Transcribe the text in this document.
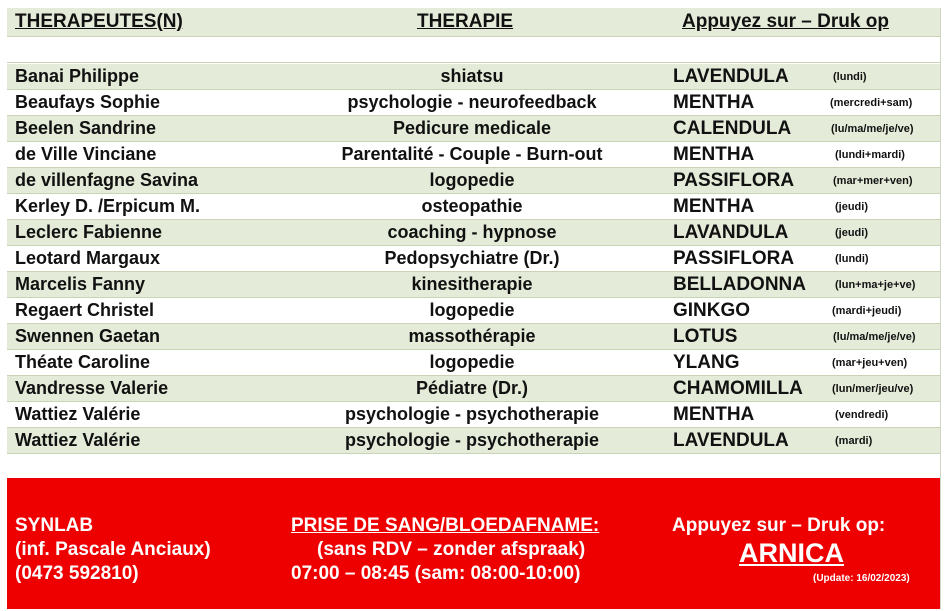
THERAPEUTES(N)	THERAPIE	Appuyez sur – Druk op
Banai Philippe	shiatsu	LAVENDULA	(lundi)
Beaufays Sophie	psychologie - neurofeedback	MENTHA	(mercredi+sam)
Beelen Sandrine	Pedicure medicale	CALENDULA	(lu/ma/me/je/ve)
de Ville Vinciane	Parentalité - Couple - Burn-out	MENTHA	(lundi+mardi)
de villenfagne Savina	logopedie	PASSIFLORA	(mar+mer+ven)
Kerley D. /Erpicum M.	osteopathie	MENTHA	(jeudi)
Leclerc Fabienne	coaching - hypnose	LAVANDULA	(jeudi)
Leotard Margaux	Pedopsychiatre (Dr.)	PASSIFLORA	(lundi)
Marcelis Fanny	kinesitherapie	BELLADONNA	(lun+ma+je+ve)
Regaert Christel	logopedie	GINKGO	(mardi+jeudi)
Swennen Gaetan	massothérapie	LOTUS	(lu/ma/me/je/ve)
Théate Caroline	logopedie	YLANG	(mar+jeu+ven)
Vandresse Valerie	Pédiatre (Dr.)	CHAMOMILLA	(lun/mer/jeu/ve)
Wattiez Valérie	psychologie - psychotherapie	MENTHA	(vendredi)
Wattiez Valérie	psychologie - psychotherapie	LAVENDULA	(mardi)
SYNLAB
(inf. Pascale Anciaux)
(0473 592810)
PRISE DE SANG/BLOEDAFNAME:
(sans RDV – zonder afspraak)
07:00 – 08:45 (sam: 08:00-10:00)
Appuyez sur – Druk op:
ARNICA
(Update: 16/02/2023)
